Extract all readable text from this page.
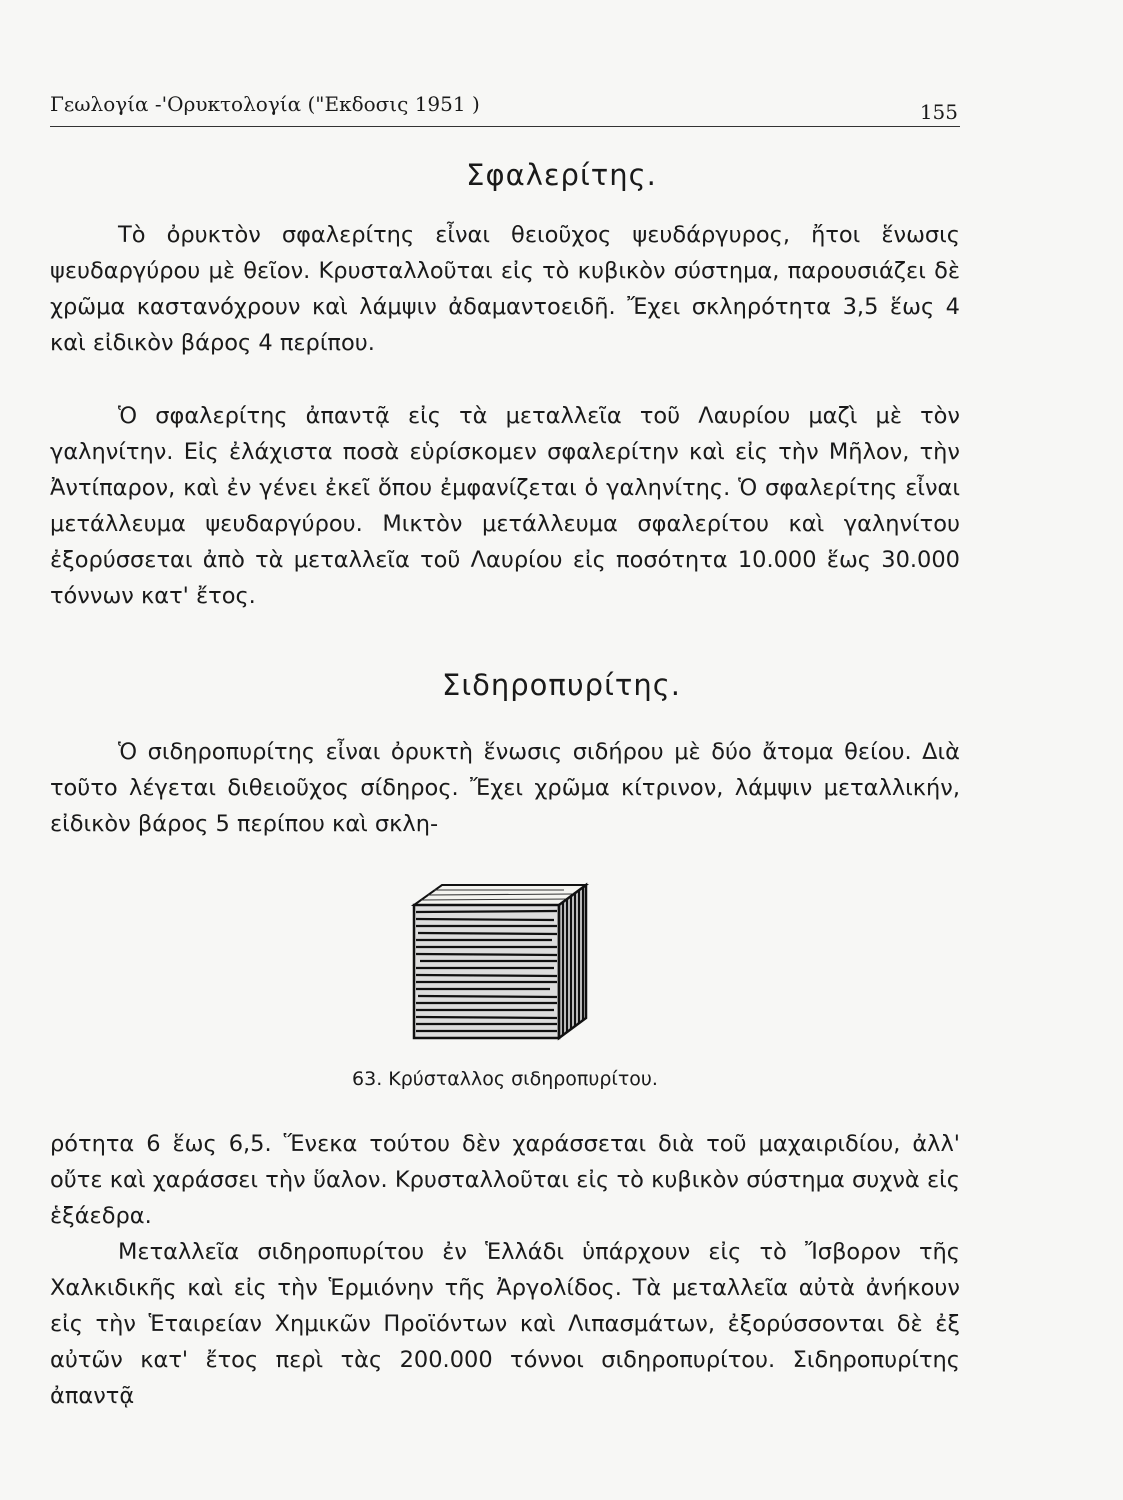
Γεωλογία -'Ορυκτολογία ("Εκδοσις 1951 )	155
Σφαλερίτης.

Τὸ ὀρυκτὸν σφαλερίτης εἶναι θειοῦχος ψευδάργυρος, ἤτοι ἕνωσις ψευδαργύρου μὲ θεῖον. Κρυσταλλοῦται εἰς τὸ κυβικὸν σύστημα, παρουσιάζει δὲ χρῶμα καστανόχρουν καὶ λάμψιν ἀδαμαντοειδῆ. Ἔχει σκληρότητα 3,5 ἕως 4 καὶ εἰδικὸν βάρος 4 περίπου.

Ὁ σφαλερίτης ἀπαντᾷ εἰς τὰ μεταλλεῖα τοῦ Λαυρίου μαζὶ μὲ τὸν γαληνίτην. Εἰς ἐλάχιστα ποσὰ εὑρίσκομεν σφαλερίτην καὶ εἰς τὴν Μῆλον, τὴν Ἀντίπαρον, καὶ ἐν γένει ἐκεῖ ὅπου ἐμφανίζεται ὁ γαληνίτης. Ὁ σφαλερίτης εἶναι μετάλλευμα ψευδαργύρου. Μικτὸν μετάλλευμα σφαλερίτου καὶ γαληνίτου ἐξορύσσεται ἀπὸ τὰ μεταλλεῖα τοῦ Λαυρίου εἰς ποσότητα 10.000 ἕως 30.000 τόννων κατ' ἔτος.

Σιδηροπυρίτης.

Ὁ σιδηροπυρίτης εἶναι ὀρυκτὴ ἕνωσις σιδήρου μὲ δύο ἄτομα θείου. Διὰ τοῦτο λέγεται διθειοῦχος σίδηρος. Ἔχει χρῶμα κίτρινον, λάμψιν μεταλλικήν, εἰδικὸν βάρος 5 περίπου καὶ σκλη-

63. Κρύσταλλος σιδηροπυρίτου.

ρότητα 6 ἕως 6,5. Ἕνεκα τούτου δὲν χαράσσεται διὰ τοῦ μαχαιριδίου, ἀλλ' οὔτε καὶ χαράσσει τὴν ὕαλον. Κρυσταλλοῦται εἰς τὸ κυβικὸν σύστημα συχνὰ εἰς ἑξάεδρα.

Μεταλλεῖα σιδηροπυρίτου ἐν Ἑλλάδι ὑπάρχουν εἰς τὸ Ἴσβορον τῆς Χαλκιδικῆς καὶ εἰς τὴν Ἑρμιόνην τῆς Ἀργολίδος. Τὰ μεταλλεῖα αὐτὰ ἀνήκουν εἰς τὴν Ἑταιρείαν Χημικῶν Προϊόντων καὶ Λιπασμάτων, ἐξορύσσονται δὲ ἐξ αὐτῶν κατ' ἔτος περὶ τὰς 200.000 τόννοι σιδηροπυρίτου. Σιδηροπυρίτης ἀπαντᾷ
